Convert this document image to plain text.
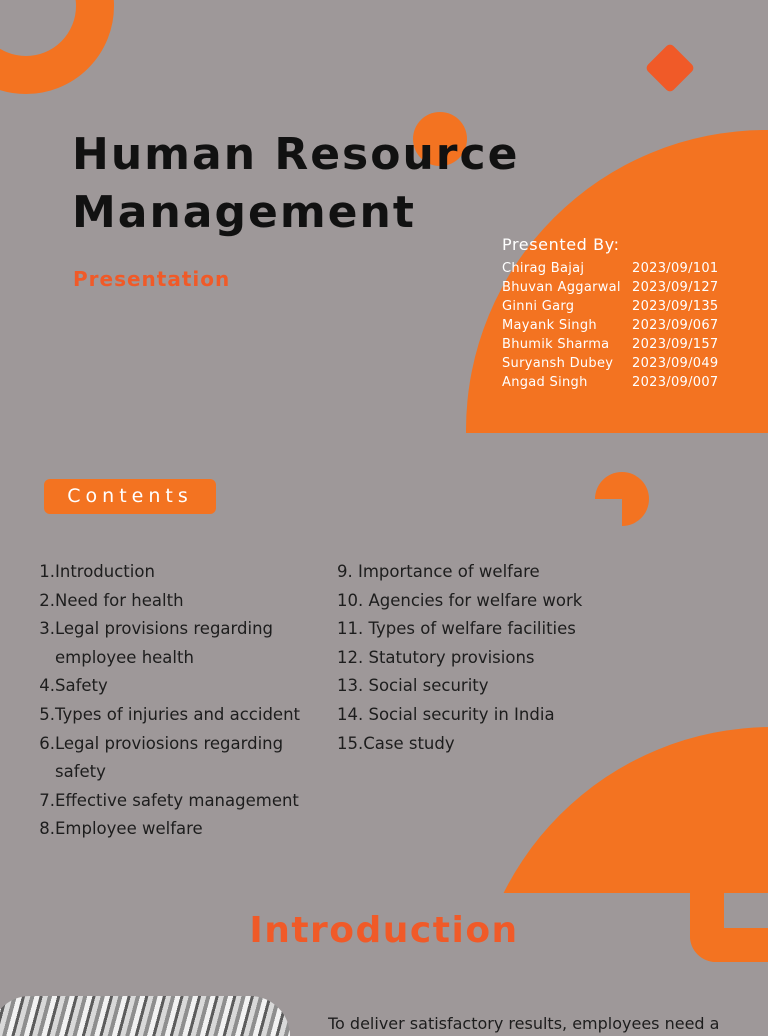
Human Resource
Management
Presentation
Presented By:
Chirag Bajaj	2023/09/101
Bhuvan Aggarwal 2023/09/127
Ginni Garg	2023/09/135
Mayank Singh	2023/09/067
Bhumik Sharma	2023/09/157
Suryansh Dubey	2023/09/049
Angad Singh	2023/09/007
Contents
1. Introduction
2. Need for health
3. Legal provisions regarding employee health
4. Safety
5. Types of injuries and accident
6. Legal proviosions regarding safety
7. Effective safety management
8. Employee welfare
9. Importance of welfare
10. Agencies for welfare work
11. Types of welfare facilities
12. Statutory provisions
13. Social security
14. Social security in India
15.Case study
Introduction
To deliver satisfactory results, employees need a
